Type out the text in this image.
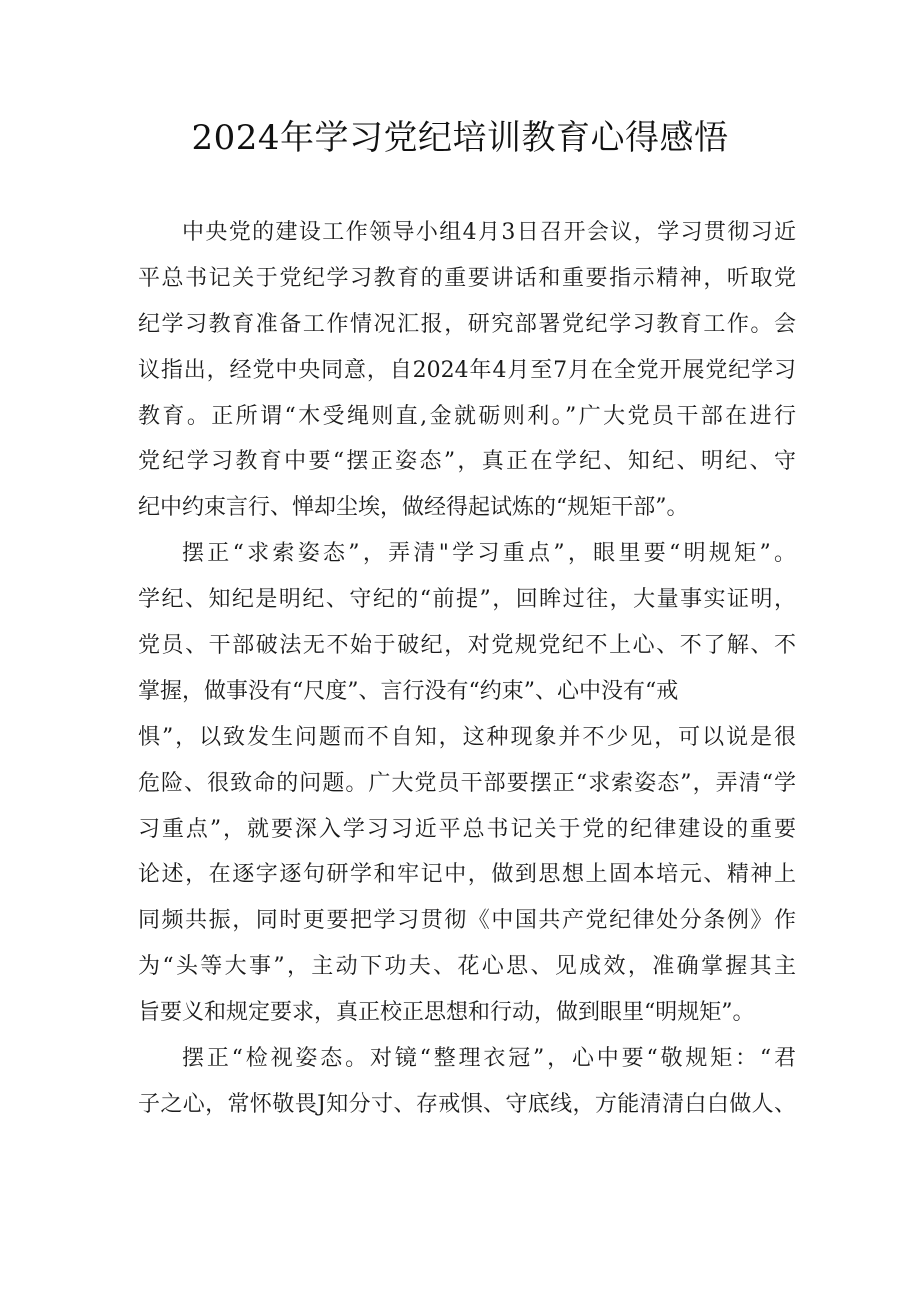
2024年学习党纪培训教育心得感悟

中央党的建设工作领导小组4月3日召开会议，学习贯彻习近
平总书记关于党纪学习教育的重要讲话和重要指示精神，听取党
纪学习教育准备工作情况汇报，研究部署党纪学习教育工作。会
议指出，经党中央同意，自2024年4月至7月在全党开展党纪学习
教育。正所谓“木受绳则直,金就砺则利。”广大党员干部在进行
党纪学习教育中要“摆正姿态”，真正在学纪、知纪、明纪、守
纪中约束言行、惮却尘埃，做经得起试炼的“规矩干部”。

摆正“求索姿态”，弄清"学习重点”，眼里要“明规矩”。
学纪、知纪是明纪、守纪的“前提”，回眸过往，大量事实证明，
党员、干部破法无不始于破纪，对党规党纪不上心、不了解、不
掌握，做事没有“尺度”、言行没有“约束”、心中没有“戒
惧”，以致发生问题而不自知，这种现象并不少见，可以说是很
危险、很致命的问题。广大党员干部要摆正“求索姿态”，弄清“学
习重点”，就要深入学习习近平总书记关于党的纪律建设的重要
论述，在逐字逐句研学和牢记中，做到思想上固本培元、精神上
同频共振，同时更要把学习贯彻《中国共产党纪律处分条例》作
为“头等大事”，主动下功夫、花心思、见成效，准确掌握其主
旨要义和规定要求，真正校正思想和行动，做到眼里“明规矩”。

摆正“检视姿态。对镜“整理衣冠”，心中要“敬规矩：“君
子之心，常怀敬畏J知分寸、存戒惧、守底线，方能清清白白做人、
